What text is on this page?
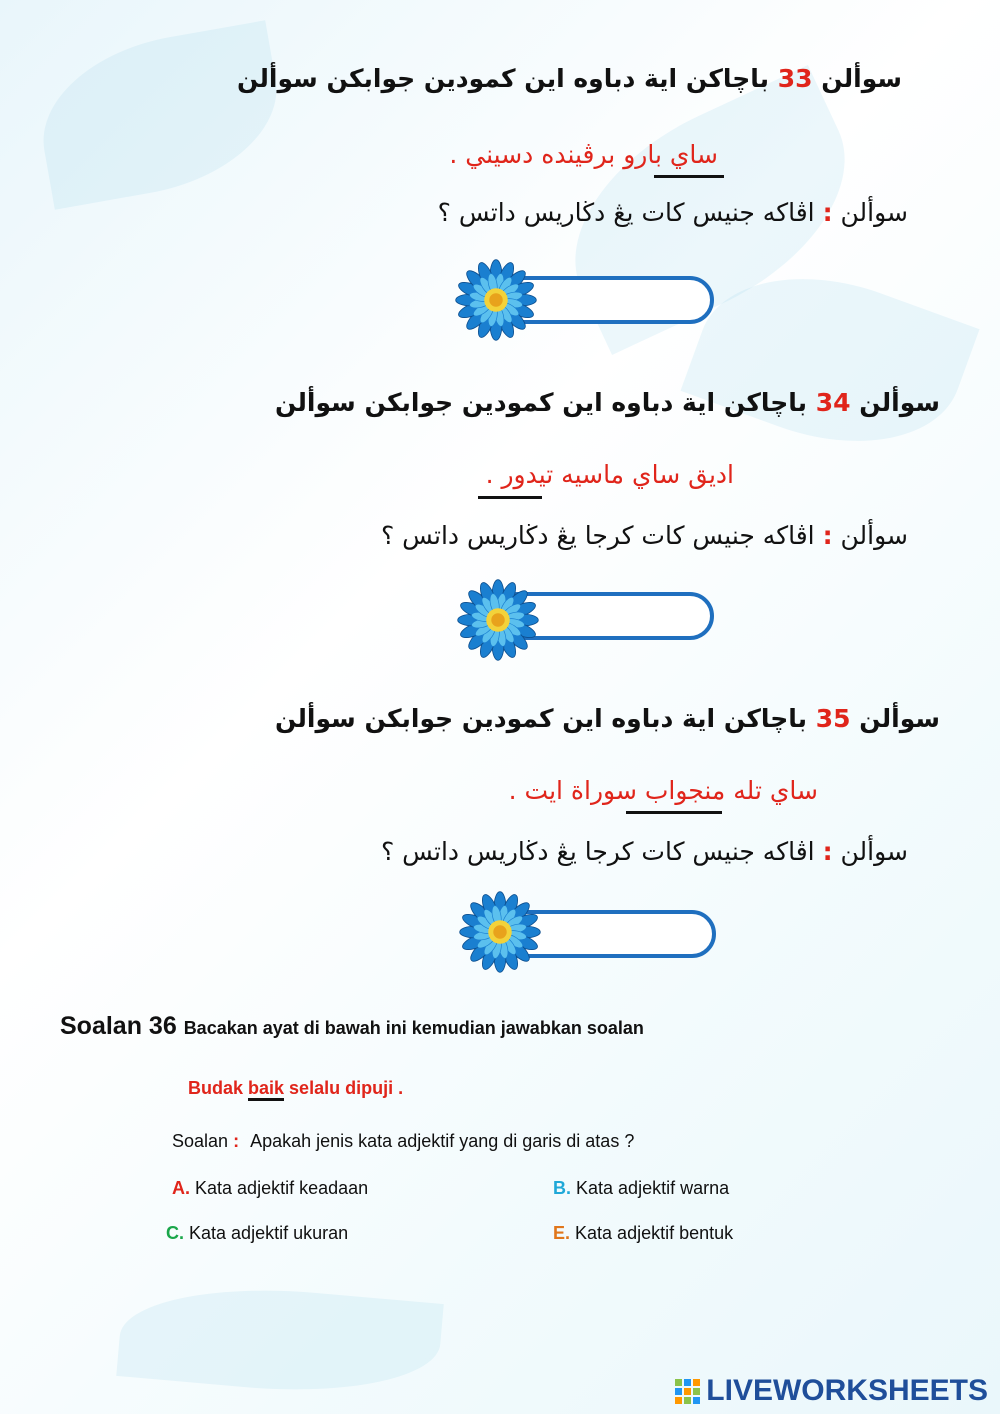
سوألن 33 باچاكن اية دباوه اين كمودين جوابكن سوألن
ساي بارو برڤينده دسيني .
سوألن : اڤاكه جنيس كات يڠ دڬاريس داتس ؟
سوألن 34 باچاكن اية دباوه اين كمودين جوابكن سوألن
اديق ساي ماسيه تيدور .
سوألن : اڤاكه جنيس كات كرجا يڠ دڬاريس داتس ؟
سوألن 35 باچاكن اية دباوه اين كمودين جوابكن سوألن
ساي تله منجواب سوراة ايت .
سوألن : اڤاكه جنيس كات كرجا يڠ دڬاريس داتس ؟
Soalan 36 Bacakan ayat di bawah ini kemudian jawabkan soalan
Budak baik selalu dipuji .
Soalan : Apakah jenis kata adjektif yang di garis di atas ?
A. Kata adjektif keadaan	B. Kata adjektif warna
C. Kata adjektif ukuran	E. Kata adjektif bentuk
LIVEWORKSHEETS
